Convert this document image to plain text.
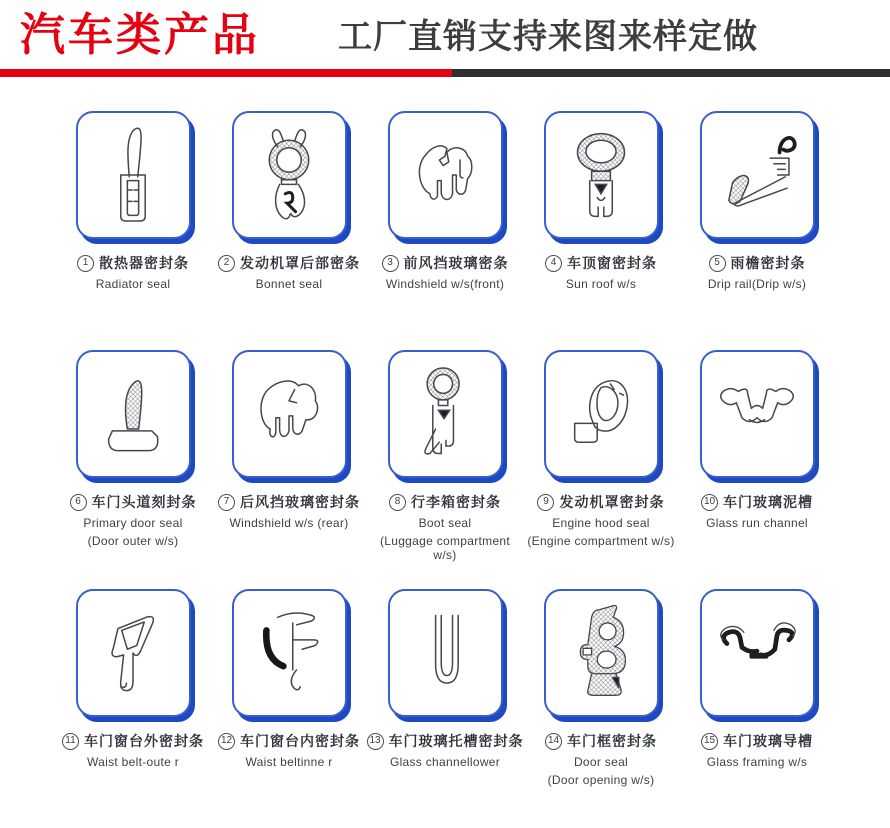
汽车类产品 工厂直销支持来图来样定做
1 散热器密封条
Radiator seal
2 发动机罩后部密条
Bonnet seal
3 前风挡玻璃密条
Windshield w/s(front)
4 车顶窗密封条
Sun roof w/s
5 雨檐密封条
Drip rail(Drip w/s)
6 车门头道刻封条
Primary door seal
(Door outer w/s)
7 后风挡玻璃密封条
Windshield w/s (rear)
8 行李箱密封条
Boot seal
(Luggage compartment w/s)
9 发动机罩密封条
Engine hood seal
(Engine compartment w/s)
10 车门玻璃泥槽
Glass run channel
11 车门窗台外密封条
Waist belt-oute r
12 车门窗台内密封条
Waist beltinne r
13 车门玻璃托槽密封条
Glass channellower
14 车门框密封条
Door seal
(Door opening w/s)
15 车门玻璃导槽
Glass framing w/s
